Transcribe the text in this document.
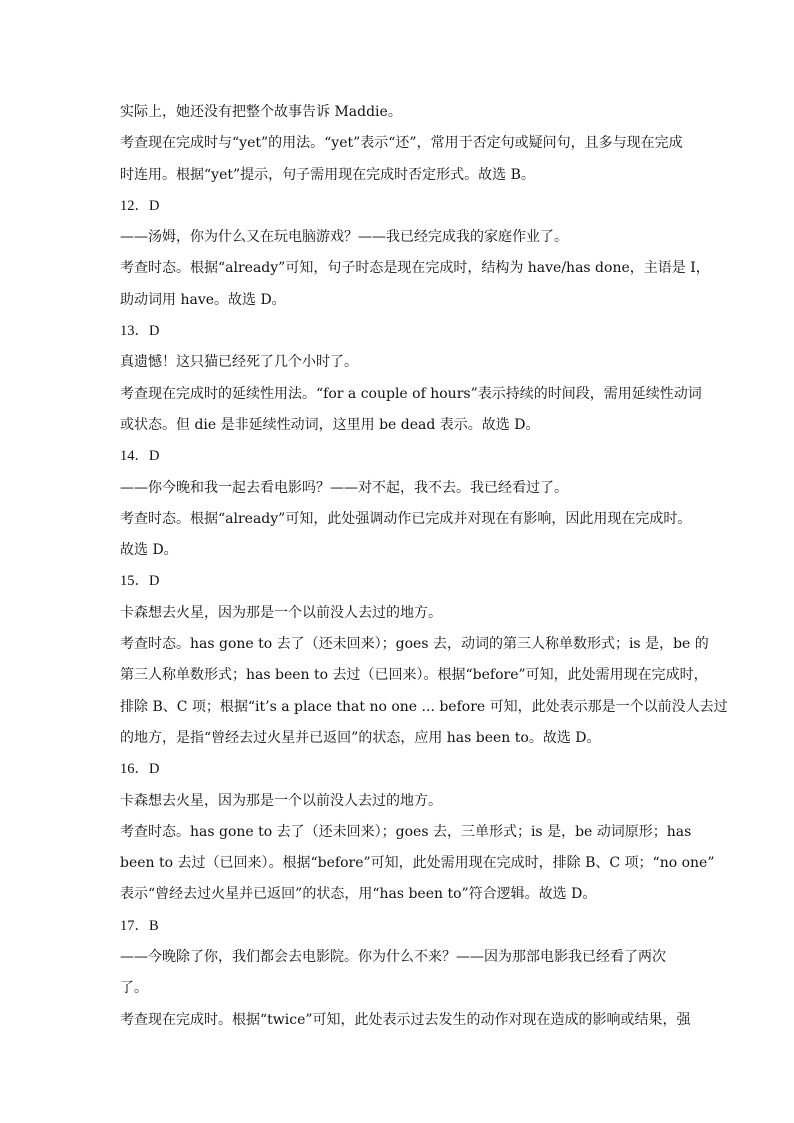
实际上，她还没有把整个故事告诉 Maddie。
考查现在完成时与“yet”的用法。“yet”表示“还”，常用于否定句或疑问句，且多与现在完成
时连用。根据“yet”提示，句子需用现在完成时否定形式。故选 B。
12．D
——汤姆，你为什么又在玩电脑游戏？——我已经完成我的家庭作业了。
考查时态。根据“already”可知，句子时态是现在完成时，结构为 have/has done，主语是 I，
助动词用 have。故选 D。
13．D
真遗憾！这只猫已经死了几个小时了。
考查现在完成时的延续性用法。“for a couple of hours”表示持续的时间段，需用延续性动词
或状态。但 die 是非延续性动词，这里用 be dead 表示。故选 D。
14．D
——你今晚和我一起去看电影吗？——对不起，我不去。我已经看过了。
考查时态。根据“already”可知，此处强调动作已完成并对现在有影响，因此用现在完成时。
故选 D。
15．D
卡森想去火星，因为那是一个以前没人去过的地方。
考查时态。has gone to 去了（还未回来）；goes 去，动词的第三人称单数形式；is 是，be 的
第三人称单数形式；has been to 去过（已回来）。根据“before”可知，此处需用现在完成时，
排除 B、C 项；根据“it’s a place that no one ... before 可知，此处表示那是一个以前没人去过
的地方，是指“曾经去过火星并已返回”的状态，应用 has been to。故选 D。
16．D
卡森想去火星，因为那是一个以前没人去过的地方。
考查时态。has gone to 去了（还未回来）；goes 去，三单形式；is 是，be 动词原形；has
been to 去过（已回来）。根据“before”可知，此处需用现在完成时，排除 B、C 项；“no one”
表示“曾经去过火星并已返回”的状态，用“has been to”符合逻辑。故选 D。
17．B
——今晚除了你，我们都会去电影院。你为什么不来？——因为那部电影我已经看了两次
了。
考查现在完成时。根据“twice”可知，此处表示过去发生的动作对现在造成的影响或结果，强
